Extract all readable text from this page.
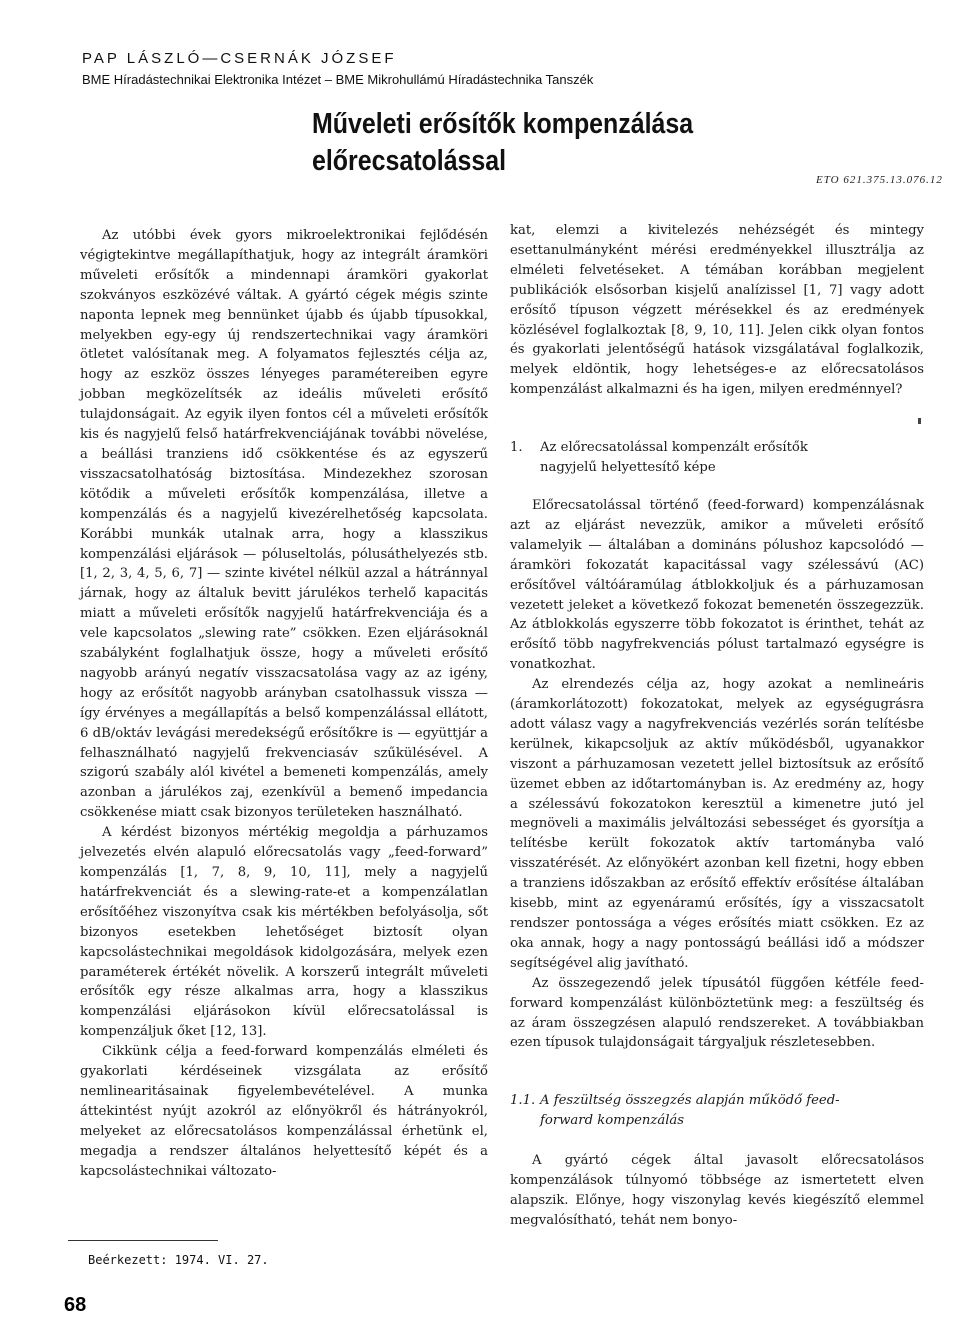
PAP LÁSZLÓ—CSERNÁK JÓZSEF
BME Híradástechnikai Elektronika Intézet – BME Mikrohullámú Híradástechnika Tanszék
Műveleti erősítők kompenzálása
előrecsatolással
ETO 621.375.13.076.12

Az utóbbi évek gyors mikroelektronikai fejlődésén végigtekintve megállapíthatjuk, hogy az integrált áramköri műveleti erősítők a mindennapi áramköri gyakorlat szokványos eszközévé váltak. A gyártó cégek mégis szinte naponta lepnek meg bennünket újabb és újabb típusokkal, melyekben egy-egy új rendszertechnikai vagy áramköri ötletet valósítanak meg. A folyamatos fejlesztés célja az, hogy az eszköz összes lényeges paramétereiben egyre jobban megközelítsék az ideális műveleti erősítő tulajdonságait. Az egyik ilyen fontos cél a műveleti erősítők kis és nagyjelű felső határfrekvenciájának további növelése, a beállási tranziens idő csökkentése és az egyszerű visszacsatolhatóság biztosítása. Mindezekhez szorosan kötődik a műveleti erősítők kompenzálása, illetve a kompenzálás és a nagyjelű kivezérelhetőség kapcsolata. Korábbi munkák utalnak arra, hogy a klasszikus kompenzálási eljárások — póluseltolás, pólusáthelyezés stb. [1, 2, 3, 4, 5, 6, 7] — szinte kivétel nélkül azzal a hátránnyal járnak, hogy az általuk bevitt járulékos terhelő kapacitás miatt a műveleti erősítők nagyjelű határfrekvenciája és a vele kapcsolatos „slewing rate” csökken. Ezen eljárásoknál szabályként foglalhatjuk össze, hogy a műveleti erősítő nagyobb arányú negatív visszacsatolása vagy az az igény, hogy az erősítőt nagyobb arányban csatolhassuk vissza — így érvényes a megállapítás a belső kompenzálással ellátott, 6 dB/oktáv levágási meredekségű erősítőkre is — együttjár a felhasználható nagyjelű frekvenciasáv szűkülésével. A szigorú szabály alól kivétel a bemeneti kompenzálás, amely azonban a járulékos zaj, ezenkívül a bemenő impedancia csökkenése miatt csak bizonyos területeken használható.

A kérdést bizonyos mértékig megoldja a párhuzamos jelvezetés elvén alapuló előrecsatolás vagy „feed-forward” kompenzálás [1, 7, 8, 9, 10, 11], mely a nagyjelű határfrekvenciát és a slewing-rate-et a kompenzálatlan erősítőéhez viszonyítva csak kis mértékben befolyásolja, sőt bizonyos esetekben lehetőséget biztosít olyan kapcsolástechnikai megoldások kidolgozására, melyek ezen paraméterek értékét növelik. A korszerű integrált műveleti erősítők egy része alkalmas arra, hogy a klasszikus kompenzálási eljárásokon kívül előrecsatolással is kompenzáljuk őket [12, 13].

Cikkünk célja a feed-forward kompenzálás elméleti és gyakorlati kérdéseinek vizsgálata az erősítő nemlinearitásainak figyelembevételével. A munka áttekintést nyújt azokról az előnyökről és hátrányokról, melyeket az előrecsatolásos kompenzálással érhetünk el, megadja a rendszer általános helyettesítő képét és a kapcsolástechnikai változato-

kat, elemzi a kivitelezés nehézségét és mintegy esettanulmányként mérési eredményekkel illusztrálja az elméleti felvetéseket. A témában korábban megjelent publikációk elsősorban kisjelű analízissel [1, 7] vagy adott erősítő típuson végzett mérésekkel és az eredmények közlésével foglalkoztak [8, 9, 10, 11]. Jelen cikk olyan fontos és gyakorlati jelentőségű hatások vizsgálatával foglalkozik, melyek eldöntik, hogy lehetséges-e az előrecsatolásos kompenzálást alkalmazni és ha igen, milyen eredménnyel?

1. Az előrecsatolással kompenzált erősítők
nagyjelű helyettesítő képe

Előrecsatolással történő (feed-forward) kompenzálásnak azt az eljárást nevezzük, amikor a műveleti erősítő valamelyik — általában a domináns pólushoz kapcsolódó — áramköri fokozatát kapacitással vagy szélessávú (AC) erősítővel váltóáramúlag átblokkoljuk és a párhuzamosan vezetett jeleket a következő fokozat bemenetén összegezzük. Az átblokkolás egyszerre több fokozatot is érinthet, tehát az erősítő több nagyfrekvenciás pólust tartalmazó egységre is vonatkozhat.

Az elrendezés célja az, hogy azokat a nemlineáris (áramkorlátozott) fokozatokat, melyek az egységugrásra adott válasz vagy a nagyfrekvenciás vezérlés során telítésbe kerülnek, kikapcsoljuk az aktív működésből, ugyanakkor viszont a párhuzamosan vezetett jellel biztosítsuk az erősítő üzemet ebben az időtartományban is. Az eredmény az, hogy a szélessávú fokozatokon keresztül a kimenetre jutó jel megnöveli a maximális jelváltozási sebességet és gyorsítja a telítésbe került fokozatok aktív tartományba való visszatérését. Az előnyökért azonban kell fizetni, hogy ebben a tranziens időszakban az erősítő effektív erősítése általában kisebb, mint az egyenáramú erősítés, így a visszacsatolt rendszer pontossága a véges erősítés miatt csökken. Ez az oka annak, hogy a nagy pontosságú beállási idő a módszer segítségével alig javítható.

Az összegezendő jelek típusától függően kétféle feed-forward kompenzálást különböztetünk meg: a feszültség és az áram összegzésen alapuló rendszereket. A továbbiakban ezen típusok tulajdonságait tárgyaljuk részletesebben.

1.1. A feszültség összegzés alapján működő feed-
forward kompenzálás

A gyártó cégek által javasolt előrecsatolásos kompenzálások túlnyomó többsége az ismertetett elven alapszik. Előnye, hogy viszonylag kevés kiegészítő elemmel megvalósítható, tehát nem bonyo-

Beérkezett: 1974. VI. 27.
68
